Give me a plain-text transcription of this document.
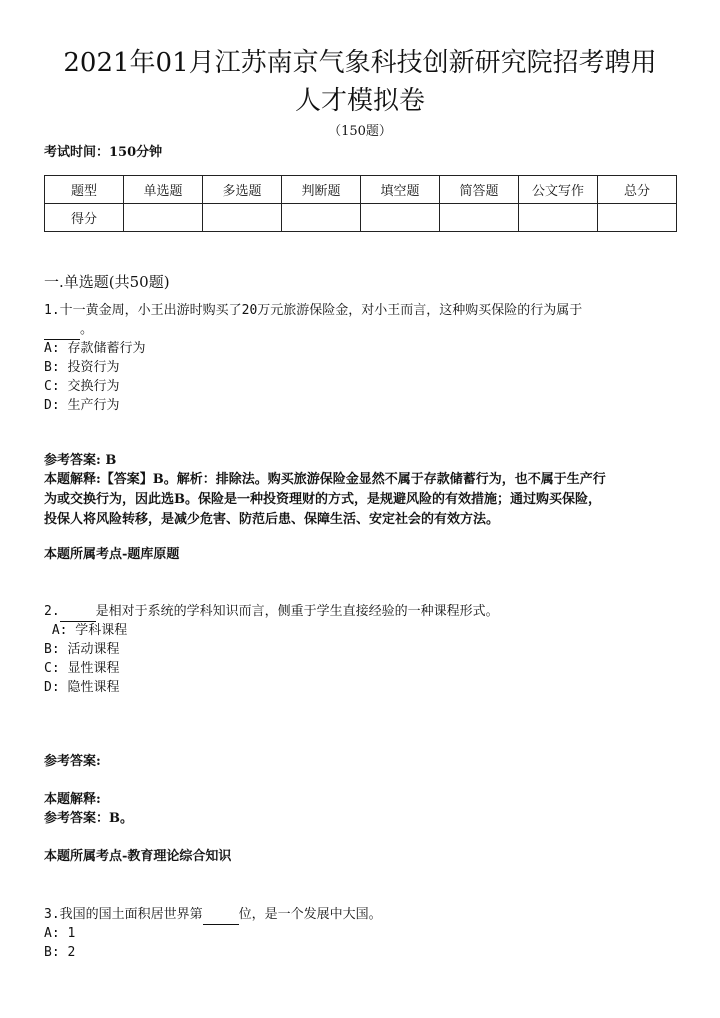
2021年01月江苏南京气象科技创新研究院招考聘用
人才模拟卷
（150题）
考试时间：150分钟
题型	单选题	多选题	判断题	填空题	简答题	公文写作	总分
得分							
一.单选题(共50题)
1.十一黄金周，小王出游时购买了20万元旅游保险金，对小王而言，这种购买保险的行为属于
。
A: 存款储蓄行为
B: 投资行为
C: 交换行为
D: 生产行为
参考答案: B
本题解释:【答案】B。解析：排除法。购买旅游保险金显然不属于存款储蓄行为，也不属于生产行
为或交换行为，因此选B。保险是一种投资理财的方式，是规避风险的有效措施；通过购买保险，
投保人将风险转移，是减少危害、防范后患、保障生活、安定社会的有效方法。
本题所属考点-题库原题
2.	是相对于系统的学科知识而言，侧重于学生直接经验的一种课程形式。
A: 学科课程
B: 活动课程
C: 显性课程
D: 隐性课程
参考答案:
本题解释:
参考答案：B。
本题所属考点-教育理论综合知识
3.我国的国土面积居世界第	位，是一个发展中大国。
A: 1
B: 2
